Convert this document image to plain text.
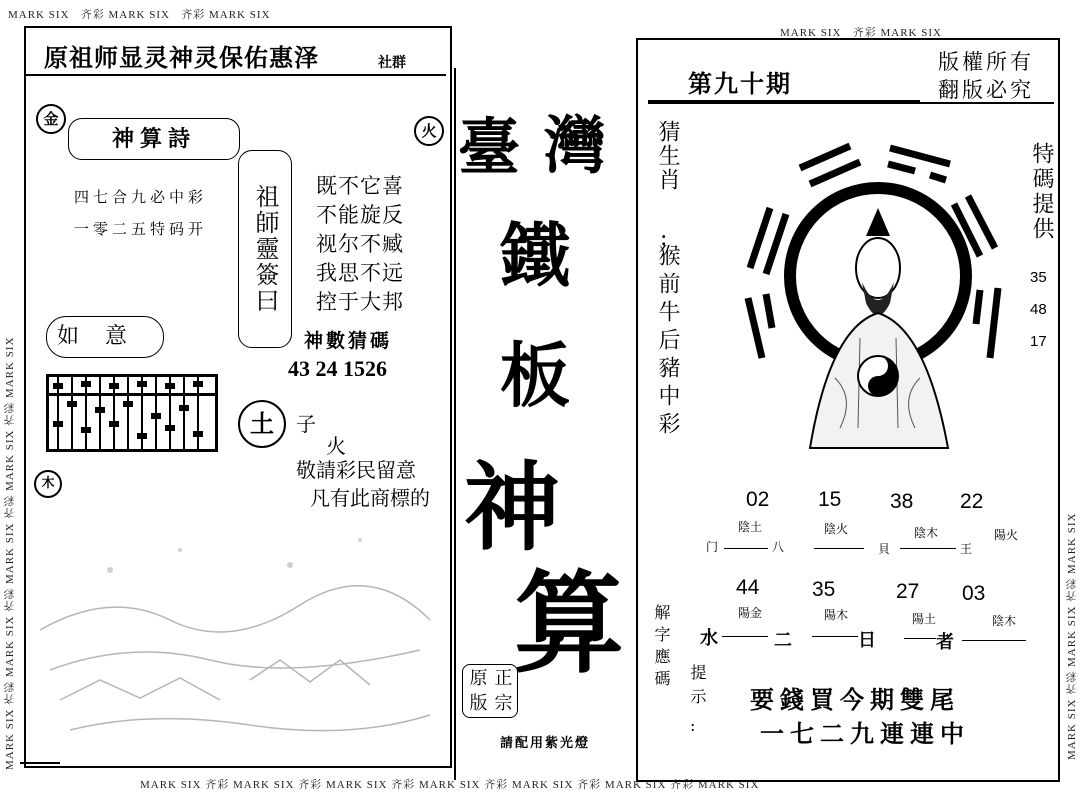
MARK SIX   齐彩 MARK SIX   齐彩 MARK SIX
MARK SIX   齐彩 MARK SIX
MARK SIX 齐彩 MARK SIX 齐彩 MARK SIX 齐彩 MARK SIX 齐彩 MARK SIX 齐彩 MARK SIX 齐彩 MARK SIX
MARK SIX 齐彩 MARK SIX 齐彩 MARK SIX 齐彩 MARK SIX 齐彩 MARK SIX
MARK SIX 齐彩 MARK SIX 齐彩 MARK SIX
原祖师显灵神灵保佑惠泽	社群
金
火
木
神算詩
四七合九必中彩
一零二五特码开	祖師靈簽曰	既不它喜
不能旋反
视尔不臧
我思不远
控于大邦
神數猜碼
43 24 1526
如意
土	子
火
敬請彩民留意
凡有此商標的
臺 灣
鐵
板
神
算
原 正
版 宗
請配用紫光燈
第九十期
版權所有
翻版必究
猜生肖
:
猴前牛后豬中彩
特碼提供
35
48
17
02 15 38 22
陰土	陰火	陰木	陽火
门	八	貝	王
44	35	27 03
陽金	陽木	陽土	陰木
水	二	日	者
解字應碼 提示
:
要錢買今期雙尾
一七二九連連中
